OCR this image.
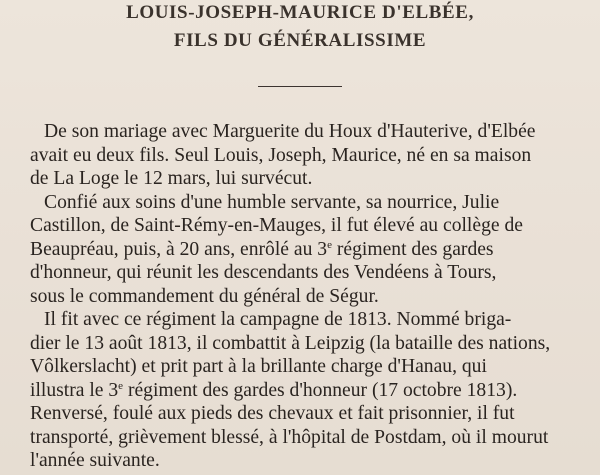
LOUIS-JOSEPH-MAURICE D'ELBÉE,
FILS DU GÉNÉRALISSIME
De son mariage avec Marguerite du Houx d'Hauterive, d'Elbée
avait eu deux fils. Seul Louis, Joseph, Maurice, né en sa maison
de La Loge le 12 mars, lui survécut.
Confié aux soins d'une humble servante, sa nourrice, Julie
Castillon, de Saint-Rémy-en-Mauges, il fut élevé au collège de
Beaupréau, puis, à 20 ans, enrôlé au 3e régiment des gardes
d'honneur, qui réunit les descendants des Vendéens à Tours,
sous le commandement du général de Ségur.
Il fit avec ce régiment la campagne de 1813. Nommé briga-
dier le 13 août 1813, il combattit à Leipzig (la bataille des nations,
Vôlkerslacht) et prit part à la brillante charge d'Hanau, qui
illustra le 3e régiment des gardes d'honneur (17 octobre 1813).
Renversé, foulé aux pieds des chevaux et fait prisonnier, il fut
transporté, grièvement blessé, à l'hôpital de Postdam, où il mourut
l'année suivante.
